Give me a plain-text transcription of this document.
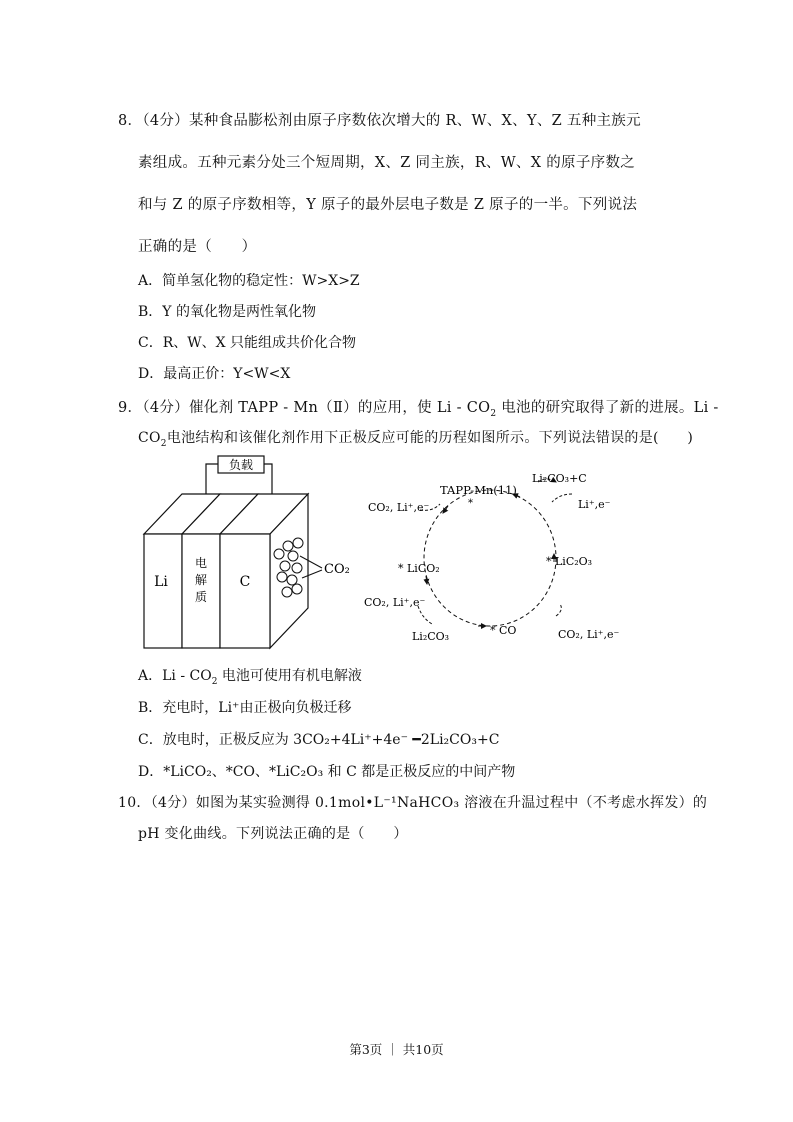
8．（4分）某种食品膨松剂由原子序数依次增大的 R、W、X、Y、Z 五种主族元
素组成。五种元素分处三个短周期，X、Z 同主族，R、W、X 的原子序数之
和与 Z 的原子序数相等，Y 原子的最外层电子数是 Z 原子的一半。下列说法
正确的是（　　）
A．简单氢化物的稳定性：W>X>Z
B．Y 的氧化物是两性氧化物
C．R、W、X 只能组成共价化合物
D．最高正价：Y<W<X
9．（4分）催化剂 TAPP - Mn（Ⅱ）的应用，使 Li - $CO_2$ 电池的研究取得了新的进展。Li -
$CO_2$电池结构和该催化剂作用下正极反应可能的历程如图所示。下列说法错误的是(　　)
负载
Li
电
解
质
C
CO₂
TAPP-Mn(11)
*
Li₂CO₃+C
CO₂, Li⁺,e⁻	Li⁺,e⁻
* LiCO₂
* LiC₂O₃
CO₂, Li⁺,e⁻
Li₂CO₃	* CO	CO₂, Li⁺,e⁻
A．Li - $CO_2$ 电池可使用有机电解液
B．充电时，Li⁺由正极向负极迁移
C．放电时，正极反应为 3CO₂+4Li⁺+4e⁻ ━2Li₂CO₃+C
D．*LiCO₂、*CO、*LiC₂O₃ 和 C 都是正极反应的中间产物
10．（4分）如图为某实验测得 0.1mol•L⁻¹NaHCO₃ 溶液在升温过程中（不考虑水挥发）的
pH 变化曲线。下列说法正确的是（　　）
第3页 ｜ 共10页
